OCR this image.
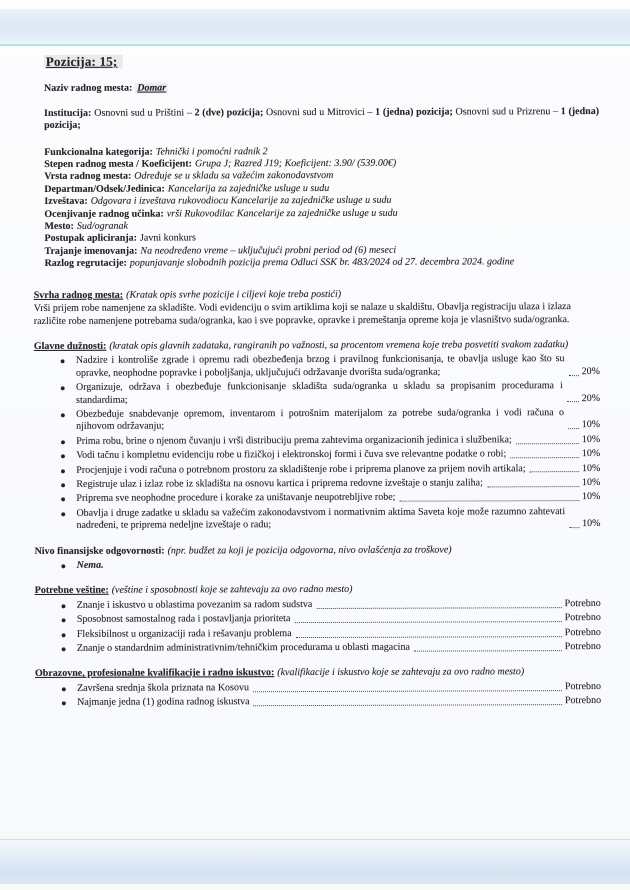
Pozicija: 15;
Naziv radnog mesta: Domar
Institucija: Osnovni sud u Prištini – 2 (dve) pozicija; Osnovni sud u Mitrovici – 1 (jedna) pozicija; Osnovni sud u Prizrenu – 1 (jedna) pozicija;
Funkcionalna kategorija: Tehnički i pomoćni radnik 2
Stepen radnog mesta / Koeficijent: Grupa J; Razred J19; Koeficijent: 3.90/ (539.00€)
Vrsta radnog mesta: Određuje se u skladu sa važećim zakonodavstvom
Departman/Odsek/Jedinica: Kancelarija za zajedničke usluge u sudu
Izveštava: Odgovara i izveštava rukovodiocu Kancelarije za zajedničke usluge u sudu
Ocenjivanje radnog učinka: vrši Rukovodilac Kancelarije za zajedničke usluge u sudu
Mesto: Sud/ogranak
Postupak apliciranja: Javni konkurs
Trajanje imenovanja: Na neodređeno vreme – uključujući probni period od (6) meseci
Razlog regrutacije: popunjavanje slobodnih pozicija prema Odluci SSK br. 483/2024 od 27. decembra 2024. godine
Svrha radnog mesta: (Kratak opis svrhe pozicije i ciljevi koje treba postići)
Vrši prijem robe namenjene za skladište. Vodi evidenciju o svim artiklima koji se nalaze u skaldištu. Obavlja registraciju ulaza i izlaza različite robe namenjene potrebama suda/ogranka, kao i sve popravke, opravke i premeštanja opreme koja je vlasništvo suda/ogranka.
Glavne dužnosti: (kratak opis glavnih zadataka, rangiranih po važnosti, sa procentom vremena koje treba posvetiti svakom zadatku)
●	Nadzire i kontroliše zgrade i opremu radi obezbeđenja brzog i pravilnog funkcionisanja, te obavlja usluge kao što su opravke, neophodne popravke i poboljšanja, uključujući održavanje dvorišta suda/ogranka;	20%
●	Organizuje, održava i obezbeđuje funkcionisanje skladišta suda/ogranka u skladu sa propisanim procedurama i standardima;	20%
●	Obezbeđuje snabdevanje opremom, inventarom i potrošnim materijalom za potrebe suda/ogranka i vodi računa o njihovom održavanju;	10%
●	Prima robu, brine o njenom čuvanju i vrši distribuciju prema zahtevima organizacionih jedinica i službenika;	10%
●	Vodi tačnu i kompletnu evidenciju robe u fizičkoj i elektronskoj formi i čuva sve relevantne podatke o robi;	10%
●	Procjenjuje i vodi računa o potrebnom prostoru za skladištenje robe i priprema planove za prijem novih artikala;	10%
●	Registruje ulaz i izlaz robe iz skladišta na osnovu kartica i priprema redovne izveštaje o stanju zaliha;	10%
●	Priprema sve neophodne procedure i korake za uništavanje neupotrebljive robe;	10%
●	Obavlja i druge zadatke u skladu sa važećim zakonodavstvom i normativnim aktima Saveta koje može razumno zahtevati nadređeni, te priprema nedeljne izveštaje o radu;	10%
Nivo finansijske odgovornosti: (npr. budžet za koji je pozicija odgovorna, nivo ovlašćenja za troškove)
●	Nema.
Potrebne veštine: (veštine i sposobnosti koje se zahtevaju za ovo radno mesto)
●	Znanje i iskustvo u oblastima povezanim sa radom sudstva	Potrebno
●	Sposobnost samostalnog rada i postavljanja prioriteta	Potrebno
●	Fleksibilnost u organizaciji rada i rešavanju problema	Potrebno
●	Znanje o standardnim administrativnim/tehničkim procedurama u oblasti magacina	Potrebno
Obrazovne, profesionalne kvalifikacije i radno iskustvo: (kvalifikacije i iskustvo koje se zahtevaju za ovo radno mesto)
●	Završena srednja škola priznata na Kosovu	Potrebno
●	Najmanje jedna (1) godina radnog iskustva	Potrebno
